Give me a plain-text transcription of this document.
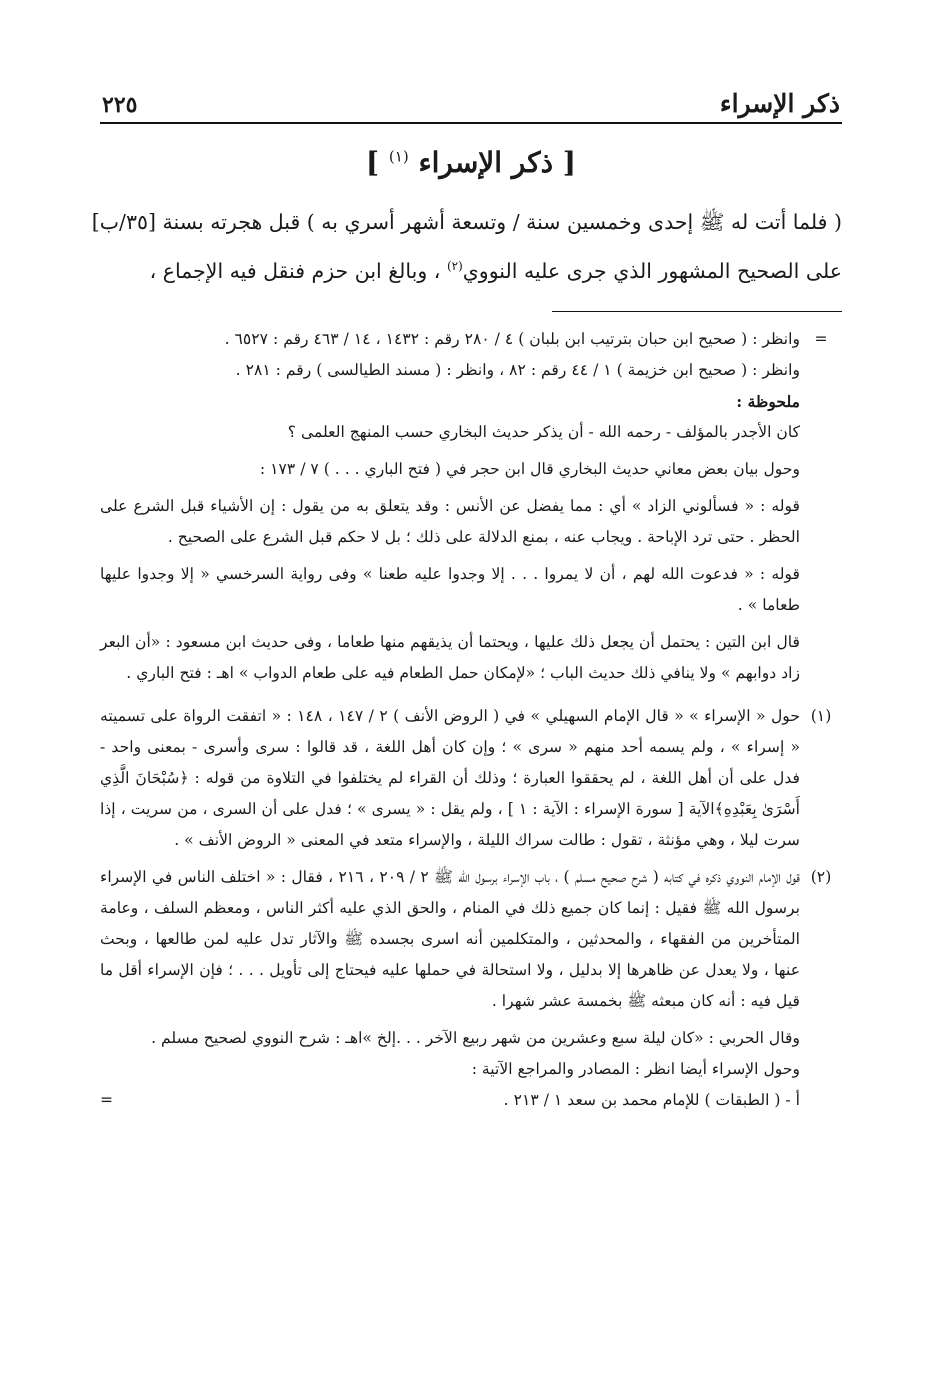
ذكر الإسراء
٢٢٥
[ ذكر الإسراء $^{(١)}$ ]
( فلما أتت له ﷺ إحدى وخمسين سنة / وتسعة أشهر أسري به ) قبل هجرته بسنة [٣٥/ب]
على الصحيح المشهور الذي جرى عليه النووي$^{(٢)}$ ، وبالغ ابن حزم فنقل فيه الإجماع ،
=
وانظر : ( صحيح ابن حبان بترتيب ابن بلبان ) ٤ / ٢٨٠ رقم : ١٤٣٢ ، ١٤ / ٤٦٣ رقم : ٦٥٢٧ .
وانظر : ( صحيح ابن خزيمة ) ١ / ٤٤ رقم : ٨٢ ، وانظر : ( مسند الطيالسى ) رقم : ٢٨١ .
ملحوظة :
كان الأجدر بالمؤلف - رحمه الله - أن يذكر حديث البخاري حسب المنهج العلمى ؟
وحول بيان بعض معاني حديث البخاري قال ابن حجر في ( فتح الباري . . . ) ٧ / ١٧٣ :
قوله : « فسألوني الزاد » أي : مما يفضل عن الأنس : وقد يتعلق به من يقول : إن الأشياء قبل الشرع على الحظر . حتى ترد الإباحة . ويجاب عنه ، بمنع الدلالة على ذلك ؛ بل لا حكم قبل الشرع على الصحيح .
قوله : « فدعوت الله لهم ، أن لا يمروا . . . إلا وجدوا عليه طعنا » وفى رواية السرخسي « إلا وجدوا عليها طعاما » .
قال ابن التين : يحتمل أن يجعل ذلك عليها ، ويحتما أن يذيقهم منها طعاما ، وفى حديث ابن مسعود : «أن البعر زاد دوابهم » ولا ينافي ذلك حديث الباب ؛ «لإمكان حمل الطعام فيه على طعام الدواب » اهـ : فتح الباري .
(١)
حول « الإسراء » « قال الإمام السهيلي » في ( الروض الأنف ) ٢ / ١٤٧ ، ١٤٨ : « اتفقت الرواة على تسميته « إسراء » ، ولم يسمه أحد منهم « سرى » ؛ وإن كان أهل اللغة ، قد قالوا : سرى وأسرى - بمعنى واحد - فدل على أن أهل اللغة ، لم يحققوا العبارة ؛ وذلك أن القراء لم يختلفوا في التلاوة من قوله : ﴿سُبْحَانَ الَّذِي أَسْرَىٰ بِعَبْدِهِ﴾الآية [ سورة الإسراء : الآية : ١ ] ، ولم يقل : « يسرى » ؛ فدل على أن السرى ، من سريت ، إذا سرت ليلا ، وهي مؤنثة ، تقول : طالت سراك الليلة ، والإسراء متعد في المعنى « الروض الأنف » .
(٢)
قول الإمام النووي ذكره في كتابه ( شرح صحيح مسلم ) ، باب الإسراء برسول الله ﷺ ٢ / ٢٠٩ ، ٢١٦ ، فقال : « اختلف الناس في الإسراء برسول الله ﷺ فقيل : إنما كان جميع ذلك في المنام ، والحق الذي عليه أكثر الناس ، ومعظم السلف ، وعامة المتأخرين من الفقهاء ، والمحدثين ، والمتكلمين أنه اسرى بجسده ﷺ والآثار تدل عليه لمن طالعها ، وبحث عنها ، ولا يعدل عن ظاهرها إلا بدليل ، ولا استحالة في حملها عليه فيحتاج إلى تأويل . . . ؛ فإن الإسراء أقل ما قيل فيه : أنه كان مبعثه ﷺ بخمسة عشر شهرا .
وقال الحربي : «كان ليلة سبع وعشرين من شهر ربيع الآخر . . .إلخ »اهـ : شرح النووي لصحيح مسلم .
وحول الإسراء أيضا انظر : المصادر والمراجع الآتية :
أ - ( الطبقات ) للإمام محمد بن سعد ١ / ٢١٣ .
=
